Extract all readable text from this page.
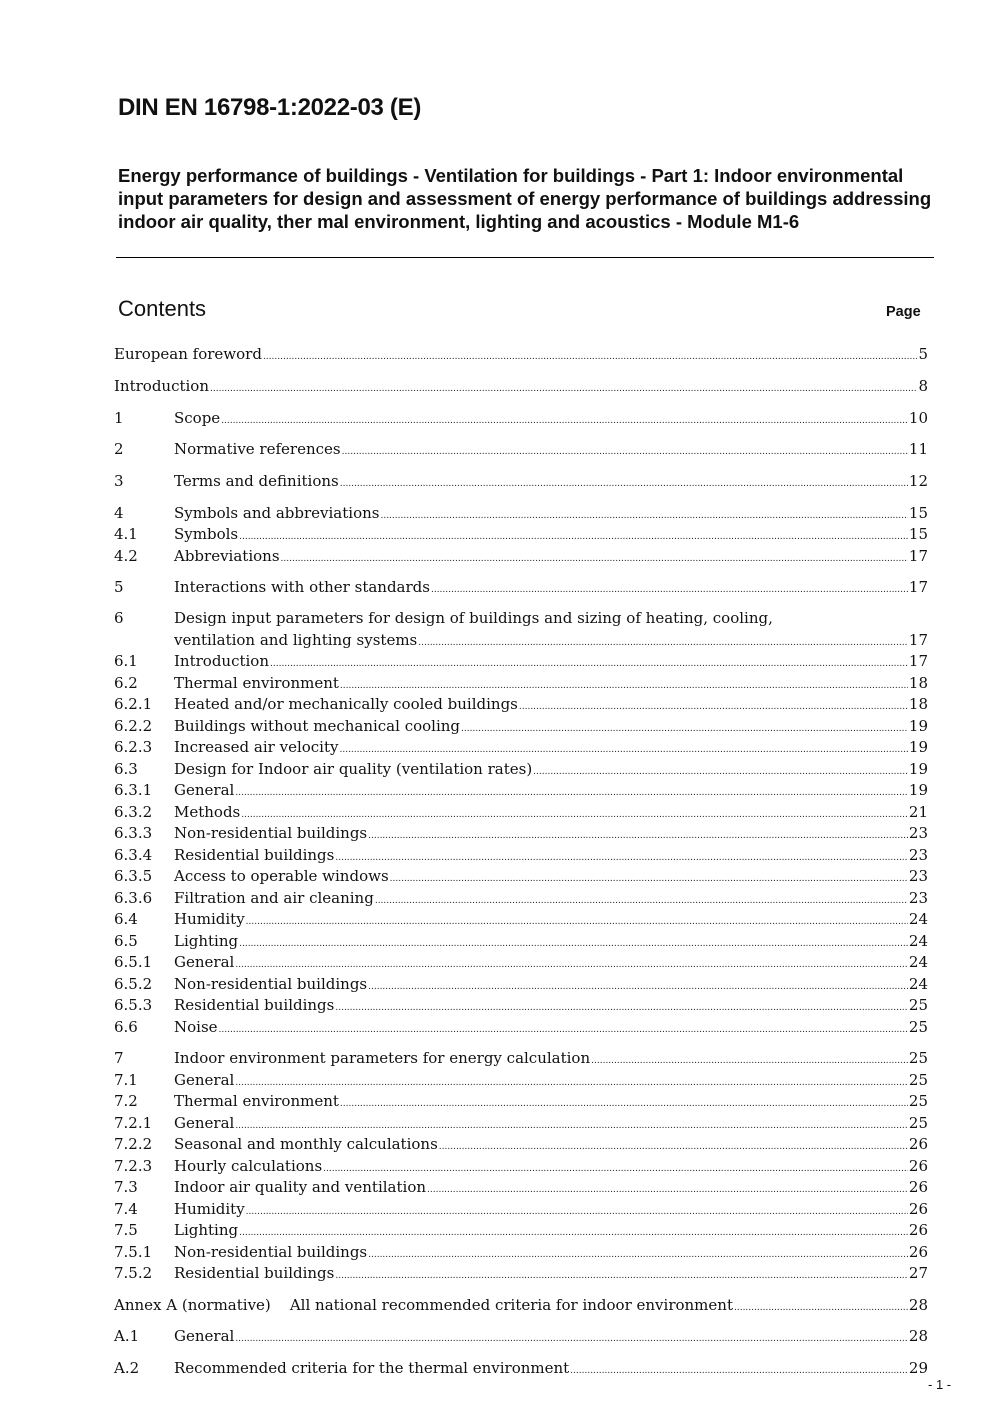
DIN EN 16798-1:2022-03 (E)
Energy performance of buildings - Ventilation for buildings - Part 1: Indoor environmental input parameters for design and assessment of energy performance of buildings addressing indoor air quality, ther mal environment, lighting and acoustics - Module M1-6
Contents	Page
European foreword .....	5
Introduction .....	8
1	Scope .....	10
2	Normative references .....	11
3	Terms and definitions .....	12
4	Symbols and abbreviations .....	15
4.1	Symbols .....	15
4.2	Abbreviations .....	17
5	Interactions with other standards .....	17
6	Design input parameters for design of buildings and sizing of heating, cooling,
ventilation and lighting systems .....	17
6.1	Introduction .....	17
6.2	Thermal environment .....	18
6.2.1	Heated and/or mechanically cooled buildings .....	18
6.2.2	Buildings without mechanical cooling .....	19
6.2.3	Increased air velocity .....	19
6.3	Design for Indoor air quality (ventilation rates) .....	19
6.3.1	General .....	19
6.3.2	Methods .....	21
6.3.3	Non-residential buildings .....	23
6.3.4	Residential buildings .....	23
6.3.5	Access to operable windows .....	23
6.3.6	Filtration and air cleaning .....	23
6.4	Humidity .....	24
6.5	Lighting .....	24
6.5.1	General .....	24
6.5.2	Non-residential buildings .....	24
6.5.3	Residential buildings .....	25
6.6	Noise .....	25
7	Indoor environment parameters for energy calculation .....	25
7.1	General .....	25
7.2	Thermal environment .....	25
7.2.1	General .....	25
7.2.2	Seasonal and monthly calculations .....	26
7.2.3	Hourly calculations .....	26
7.3	Indoor air quality and ventilation .....	26
7.4	Humidity .....	26
7.5	Lighting .....	26
7.5.1	Non-residential buildings .....	26
7.5.2	Residential buildings .....	27
Annex A (normative)    All national recommended criteria for indoor environment .....	28
A.1	General .....	28
A.2	Recommended criteria for the thermal environment .....	29
- 1 -
